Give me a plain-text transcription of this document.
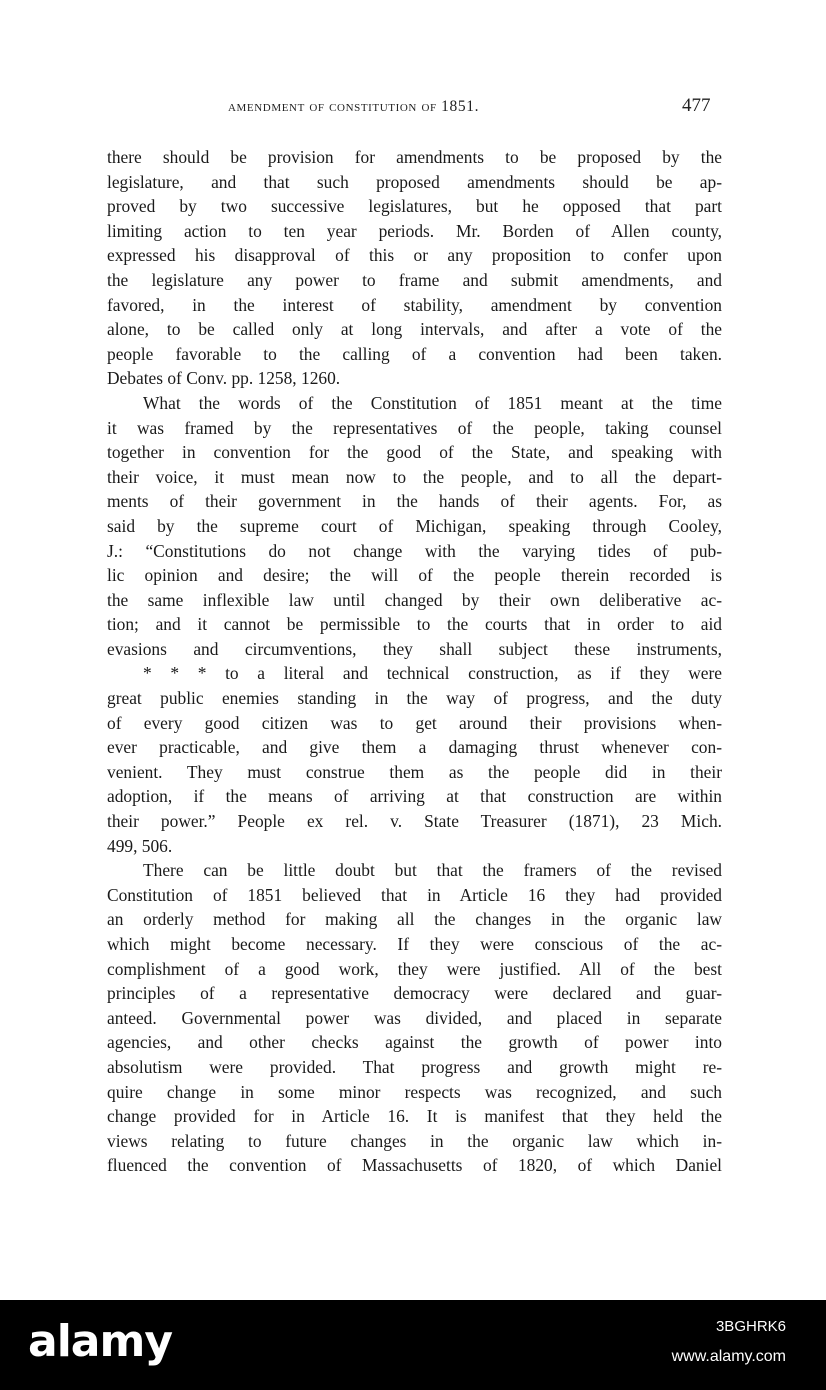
amendment of constitution of 1851.	477
there should be provision for amendments to be proposed by the
legislature, and that such proposed amendments should be ap-
proved by two successive legislatures, but he opposed that part
limiting action to ten year periods. Mr. Borden of Allen county,
expressed his disapproval of this or any proposition to confer upon
the legislature any power to frame and submit amendments, and
favored, in the interest of stability, amendment by convention
alone, to be called only at long intervals, and after a vote of the
people favorable to the calling of a convention had been taken.
Debates of Conv. pp. 1258, 1260.
What the words of the Constitution of 1851 meant at the time
it was framed by the representatives of the people, taking counsel
together in convention for the good of the State, and speaking with
their voice, it must mean now to the people, and to all the depart-
ments of their government in the hands of their agents. For, as
said by the supreme court of Michigan, speaking through Cooley,
J.: “Constitutions do not change with the varying tides of pub-
lic opinion and desire; the will of the people therein recorded is
the same inflexible law until changed by their own deliberative ac-
tion; and it cannot be permissible to the courts that in order to aid
evasions and circumventions, they shall subject these instruments,
* * * to a literal and technical construction, as if they were
great public enemies standing in the way of progress, and the duty
of every good citizen was to get around their provisions when-
ever practicable, and give them a damaging thrust whenever con-
venient. They must construe them as the people did in their
adoption, if the means of arriving at that construction are within
their power.” People ex rel. v. State Treasurer (1871), 23 Mich.
499, 506.
There can be little doubt but that the framers of the revised
Constitution of 1851 believed that in Article 16 they had provided
an orderly method for making all the changes in the organic law
which might become necessary. If they were conscious of the ac-
complishment of a good work, they were justified. All of the best
principles of a representative democracy were declared and guar-
anteed. Governmental power was divided, and placed in separate
agencies, and other checks against the growth of power into
absolutism were provided. That progress and growth might re-
quire change in some minor respects was recognized, and such
change provided for in Article 16. It is manifest that they held the
views relating to future changes in the organic law which in-
fluenced the convention of Massachusetts of 1820, of which Daniel
alamy	3BGHRK6
www.alamy.com
